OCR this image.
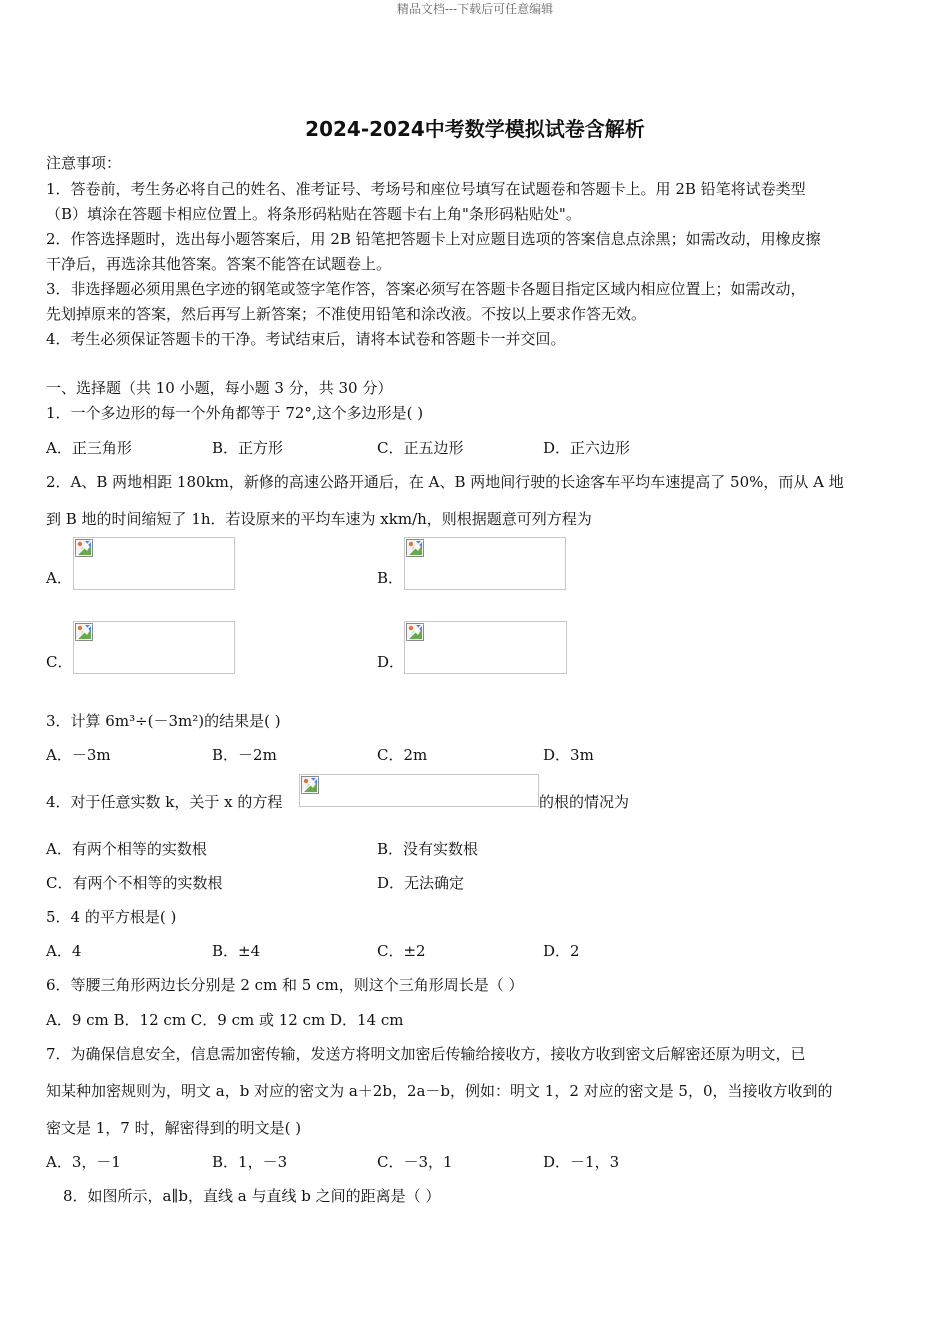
精品文档---下载后可任意编辑
2024-2024中考数学模拟试卷含解析
注意事项：
1．答卷前，考生务必将自己的姓名、准考证号、考场号和座位号填写在试题卷和答题卡上。用 2B 铅笔将试卷类型
（B）填涂在答题卡相应位置上。将条形码粘贴在答题卡右上角"条形码粘贴处"。
2．作答选择题时，选出每小题答案后，用 2B 铅笔把答题卡上对应题目选项的答案信息点涂黑；如需改动，用橡皮擦
干净后，再选涂其他答案。答案不能答在试题卷上。
3．非选择题必须用黑色字迹的钢笔或签字笔作答，答案必须写在答题卡各题目指定区域内相应位置上；如需改动，
先划掉原来的答案，然后再写上新答案；不准使用铅笔和涂改液。不按以上要求作答无效。
4．考生必须保证答题卡的干净。考试结束后，请将本试卷和答题卡一并交回。
一、选择题（共 10 小题，每小题 3 分，共 30 分）
1．一个多边形的每一个外角都等于 72°,这个多边形是( )
A．正三角形	B．正方形	C．正五边形	D．正六边形
2．A、B 两地相距 180km，新修的高速公路开通后，在 A、B 两地间行驶的长途客车平均车速提高了 50%，而从 A 地
到 B 地的时间缩短了 1h．若设原来的平均车速为 xkm/h，则根据题意可列方程为
A．	B．
C．	D．
3．计算 6m³÷(－3m²)的结果是( )
A．－3m	B．－2m	C．2m	D．3m
4．对于任意实数 k，关于 x 的方程	的根的情况为
A．有两个相等的实数根	B．没有实数根
C．有两个不相等的实数根	D．无法确定
5．4 的平方根是( )
A．4	B．±4	C．±2	D．2
6．等腰三角形两边长分别是 2 cm 和 5 cm，则这个三角形周长是（ ）
A．9 cm B．12 cm C．9 cm 或 12 cm D．14 cm
7．为确保信息安全，信息需加密传输，发送方将明文加密后传输给接收方，接收方收到密文后解密还原为明文，已
知某种加密规则为，明文 a，b 对应的密文为 a＋2b，2a－b，例如：明文 1，2 对应的密文是 5，0，当接收方收到的
密文是 1，7 时，解密得到的明文是( )
A．3，－1	B．1，－3	C．－3，1	D．－1，3
8．如图所示，a∥b，直线 a 与直线 b 之间的距离是（ ）
